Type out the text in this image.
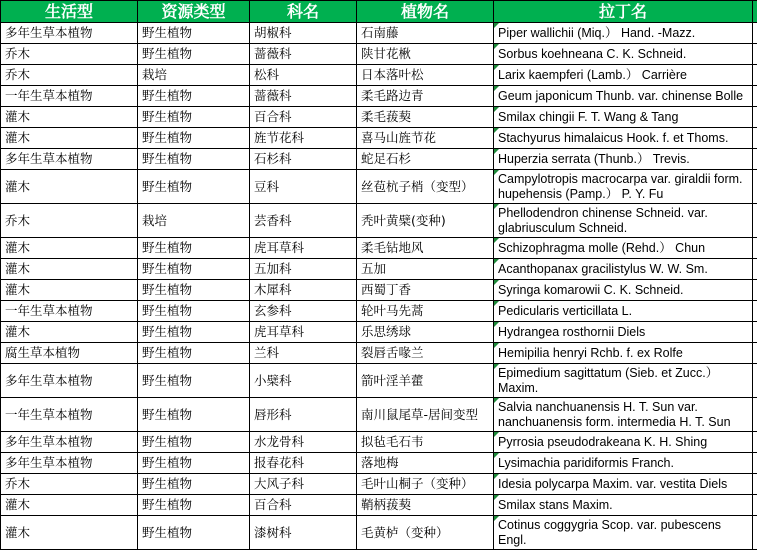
生活型	资源类型	科名	植物名	拉丁名	
多年生草本植物	野生植物	胡椒科	石南藤	Piper wallichii (Miq.） Hand. -Mazz.	
乔木	野生植物	蔷薇科	陕甘花楸	Sorbus koehneana C. K. Schneid.	
乔木	栽培	松科	日本落叶松	Larix kaempferi (Lamb.） Carrière	
一年生草本植物	野生植物	蔷薇科	柔毛路边青	Geum japonicum Thunb. var. chinense Bolle	
灌木	野生植物	百合科	柔毛菝葜	Smilax chingii F. T. Wang & Tang	
灌木	野生植物	旌节花科	喜马山旌节花	Stachyurus himalaicus Hook. f. et Thoms.	
多年生草本植物	野生植物	石杉科	蛇足石杉	Huperzia serrata (Thunb.） Trevis.	
灌木	野生植物	豆科	丝苞杭子梢（变型）	Campylotropis macrocarpa var. giraldii form. hupehensis (Pamp.） P. Y. Fu	
乔木	栽培	芸香科	秃叶黄檗(变种)	Phellodendron chinense Schneid. var. glabriusculum Schneid.	
灌木	野生植物	虎耳草科	柔毛钻地风	Schizophragma molle (Rehd.） Chun	
灌木	野生植物	五加科	五加	Acanthopanax gracilistylus W. W. Sm.	
灌木	野生植物	木犀科	西蜀丁香	Syringa komarowii C. K. Schneid.	
一年生草本植物	野生植物	玄参科	轮叶马先蒿	Pedicularis verticillata L.	
灌木	野生植物	虎耳草科	乐思绣球	Hydrangea rosthornii Diels	
腐生草本植物	野生植物	兰科	裂唇舌喙兰	Hemipilia henryi Rchb. f. ex Rolfe	
多年生草本植物	野生植物	小檗科	箭叶淫羊藿	Epimedium sagittatum (Sieb. et Zucc.） Maxim.	
一年生草本植物	野生植物	唇形科	南川鼠尾草-居间变型	Salvia nanchuanensis H. T. Sun var. nanchuanensis form. intermedia H. T. Sun	
多年生草本植物	野生植物	水龙骨科	拟毡毛石韦	Pyrrosia pseudodrakeana K. H. Shing	
多年生草本植物	野生植物	报春花科	落地梅	Lysimachia paridiformis Franch.	
乔木	野生植物	大风子科	毛叶山桐子（变种）	Idesia polycarpa Maxim. var. vestita Diels	
灌木	野生植物	百合科	鞘柄菝葜	Smilax stans Maxim.	
灌木	野生植物	漆树科	毛黄栌（变种）	Cotinus coggygria Scop. var. pubescens Engl.	
